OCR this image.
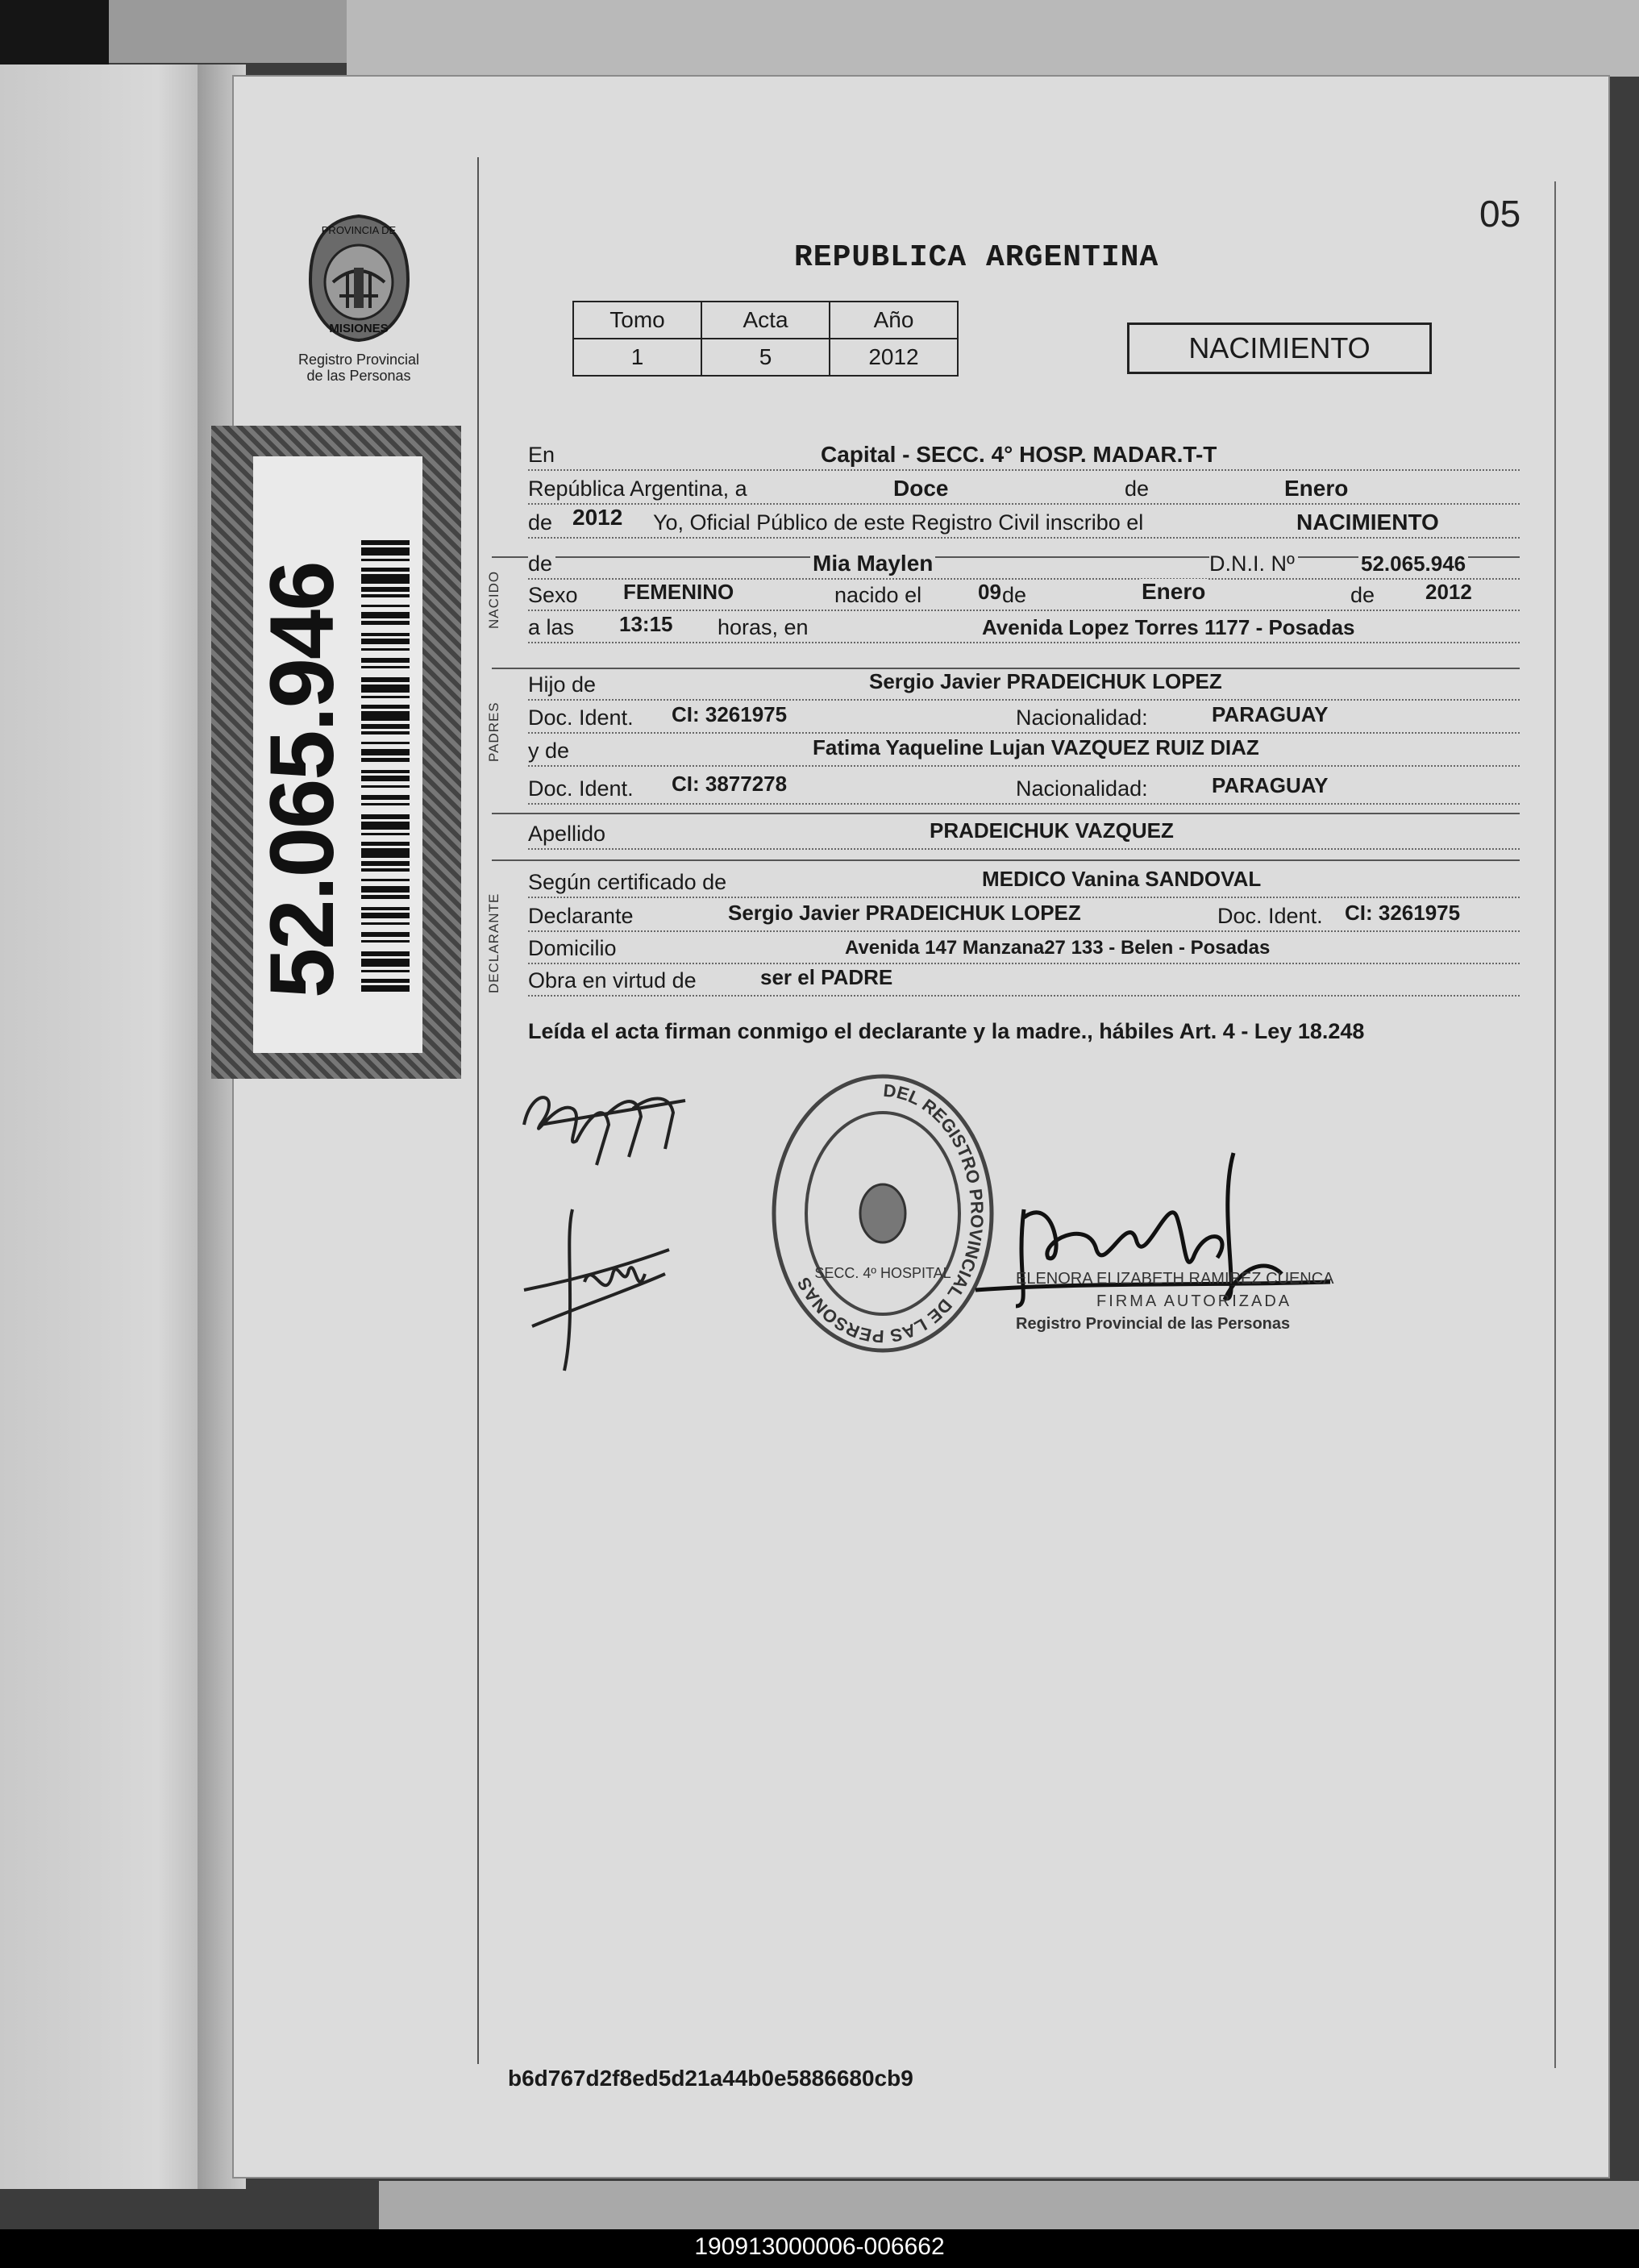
05
REPUBLICA ARGENTINA
PROVINCIA DE
MISIONES
Registro Provincial
de las Personas
52.065.946
Tomo	Acta	Año
1	5	2012	NACIMIENTO
NACIDO
PADRES
DECLARANTE
En	Capital - SECC. 4° HOSP. MADAR.T-T
República Argentina, a	Doce	de	Enero
de 2012 Yo, Oficial Público de este Registro Civil inscribo el	NACIMIENTO
de	Mia Maylen	D.N.I. Nº	52.065.946
Sexo FEMENINO	nacido el	09 de	Enero	de 2012
a las 13:15 horas, en	Avenida Lopez Torres 1177 - Posadas
Hijo de	Sergio Javier PRADEICHUK LOPEZ
Doc. Ident. CI: 3261975	Nacionalidad:	PARAGUAY
y de	Fatima Yaqueline Lujan VAZQUEZ RUIZ DIAZ
Doc. Ident. CI: 3877278	Nacionalidad:	PARAGUAY
Apellido	PRADEICHUK VAZQUEZ
Según certificado de	MEDICO Vanina SANDOVAL
Declarante	Sergio Javier PRADEICHUK LOPEZ	Doc. Ident. CI: 3261975
Domicilio	Avenida 147 Manzana27 133 - Belen - Posadas
Obra en virtud de	ser el PADRE
Leída el acta firman conmigo el declarante y la madre., hábiles Art. 4 - Ley 18.248
DEL REGISTRO PROVINCIAL DE LAS PERSONAS
SECC. 4º HOSPITAL	ELENORA ELIZABETH RAMIREZ CUENCA
FIRMA AUTORIZADA
Registro Provincial de las Personas
b6d767d2f8ed5d21a44b0e5886680cb9
190913000006-006662
